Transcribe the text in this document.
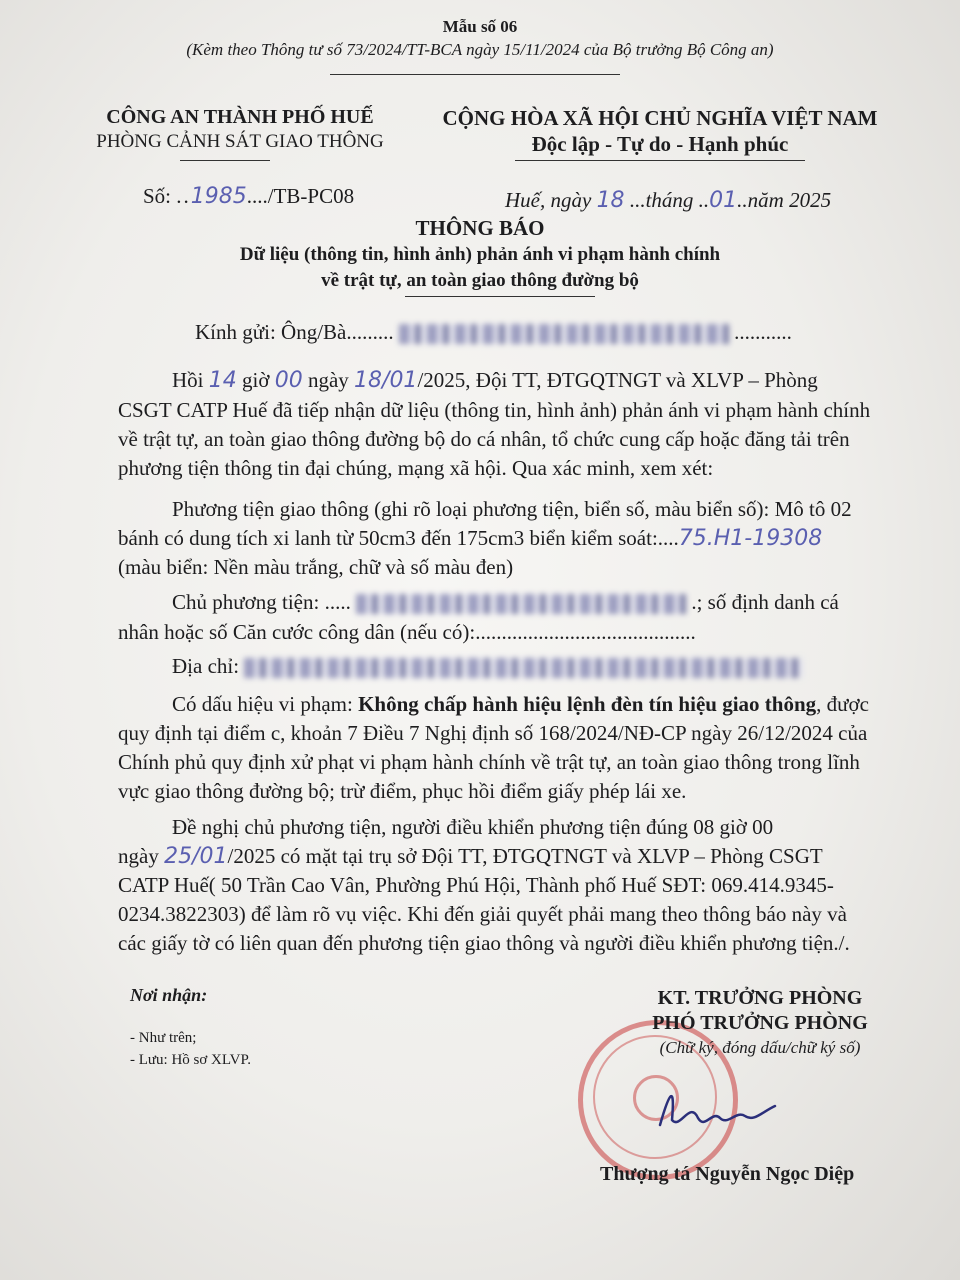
Mẫu số 06
(Kèm theo Thông tư số 73/2024/TT-BCA ngày 15/11/2024 của Bộ trưởng Bộ Công an)
CÔNG AN THÀNH PHỐ HUẾ
PHÒNG CẢNH SÁT GIAO THÔNG
CỘNG HÒA XÃ HỘI CHỦ NGHĨA VIỆT NAM
Độc lập - Tự do - Hạnh phúc
Số: ..1985..../TB-PC08	Huế, ngày 18 ...tháng ..01..năm 2025
THÔNG BÁO
Dữ liệu (thông tin, hình ảnh) phản ánh vi phạm hành chính
về trật tự, an toàn giao thông đường bộ
Kính gửi: Ông/Bà.........	...........
Hồi 14 giờ 00 ngày 18/01/2025, Đội TT, ĐTGQTNGT và XLVP – Phòng
CSGT CATP Huế đã tiếp nhận dữ liệu (thông tin, hình ảnh) phản ánh vi phạm hành chính
về trật tự, an toàn giao thông đường bộ do cá nhân, tổ chức cung cấp hoặc đăng tải trên
phương tiện thông tin đại chúng, mạng xã hội. Qua xác minh, xem xét:
Phương tiện giao thông (ghi rõ loại phương tiện, biển số, màu biển số): Mô tô 02
bánh có dung tích xi lanh từ 50cm3 đến 175cm3 biển kiểm soát:....75.H1-19308
(màu biển: Nền màu trắng, chữ và số màu đen)
Chủ phương tiện: .....	.; số định danh cá
nhân hoặc số Căn cước công dân (nếu có):..........................................
Địa chỉ:
Có dấu hiệu vi phạm: Không chấp hành hiệu lệnh đèn tín hiệu giao thông, được
quy định tại điểm c, khoản 7 Điều 7 Nghị định số 168/2024/NĐ-CP ngày 26/12/2024 của
Chính phủ quy định xử phạt vi phạm hành chính về trật tự, an toàn giao thông trong lĩnh
vực giao thông đường bộ; trừ điểm, phục hồi điểm giấy phép lái xe.
Đề nghị chủ phương tiện, người điều khiển phương tiện đúng 08 giờ 00
ngày 25/01/2025 có mặt tại trụ sở Đội TT, ĐTGQTNGT và XLVP – Phòng CSGT
CATP Huế( 50 Trần Cao Vân, Phường Phú Hội, Thành phố Huế SĐT: 069.414.9345-
0234.3822303) để làm rõ vụ việc. Khi đến giải quyết phải mang theo thông báo này và
các giấy tờ có liên quan đến phương tiện giao thông và người điều khiển phương tiện./.
Nơi nhận:
- Như trên;
- Lưu: Hồ sơ XLVP.
KT. TRƯỞNG PHÒNG
PHÓ TRƯỞNG PHÒNG
(Chữ ký, đóng dấu/chữ ký số)
Thượng tá Nguyễn Ngọc Diệp
